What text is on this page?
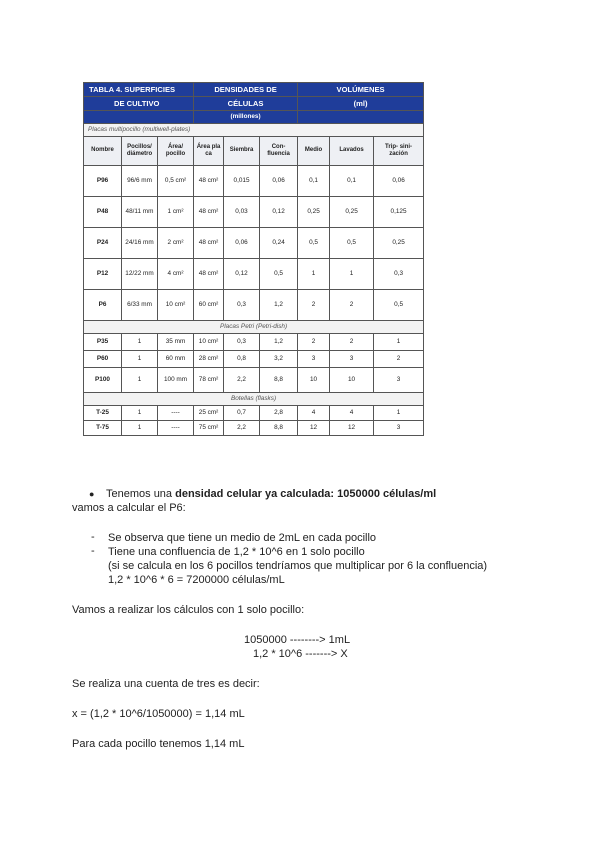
TABLA 4. SUPERFICIES			DENSIDADES DE			VOLÚMENES		
DE CULTIVO			CÉLULAS			(ml)		
			(millones)					
Placas multipocillo (multiwell-plates)								
Nombre	Pocillos/ diámetro	Área/ pocillo	Área pla ca	Siembra	Con- fluencia	Medio	Lavados	Trip- sini- zación
P96	96/6 mm	0,5 cm²	48 cm²	0,015	0,06	0,1	0,1	0,06
P48	48/11 mm	1 cm²	48 cm²	0,03	0,12	0,25	0,25	0,125
P24	24/16 mm	2 cm²	48 cm²	0,06	0,24	0,5	0,5	0,25
P12	12/22 mm	4 cm²	48 cm²	0,12	0,5	1	1	0,3
P6	6/33 mm	10 cm²	60 cm²	0,3	1,2	2	2	0,5
Placas Petri (Petri-dish)								
P35	1	35 mm	10 cm²	0,3	1,2	2	2	1
P60	1	60 mm	28 cm²	0,8	3,2	3	3	2
P100	1	100 mm	78 cm²	2,2	8,8	10	10	3
Botellas (flasks)								
T-25	1	----	25 cm²	0,7	2,8	4	4	1
T-75	1	----	75 cm²	2,2	8,8	12	12	3
● Tenemos una densidad celular ya calculada: 1050000 células/ml
vamos a calcular el P6:
- Se observa que tiene un medio de 2mL en cada pocillo
- Tiene una confluencia de 1,2 * 10^6 en 1 solo pocillo
(si se calcula en los 6 pocillos tendríamos que multiplicar por 6 la confluencia)
1,2 * 10^6 * 6 = 7200000 células/mL
Vamos a realizar los cálculos con 1 solo pocillo:
1050000 --------> 1mL
1,2 * 10^6 -------> X
Se realiza una cuenta de tres es decir:
x = (1,2 * 10^6/1050000) = 1,14 mL
Para cada pocillo tenemos 1,14 mL
